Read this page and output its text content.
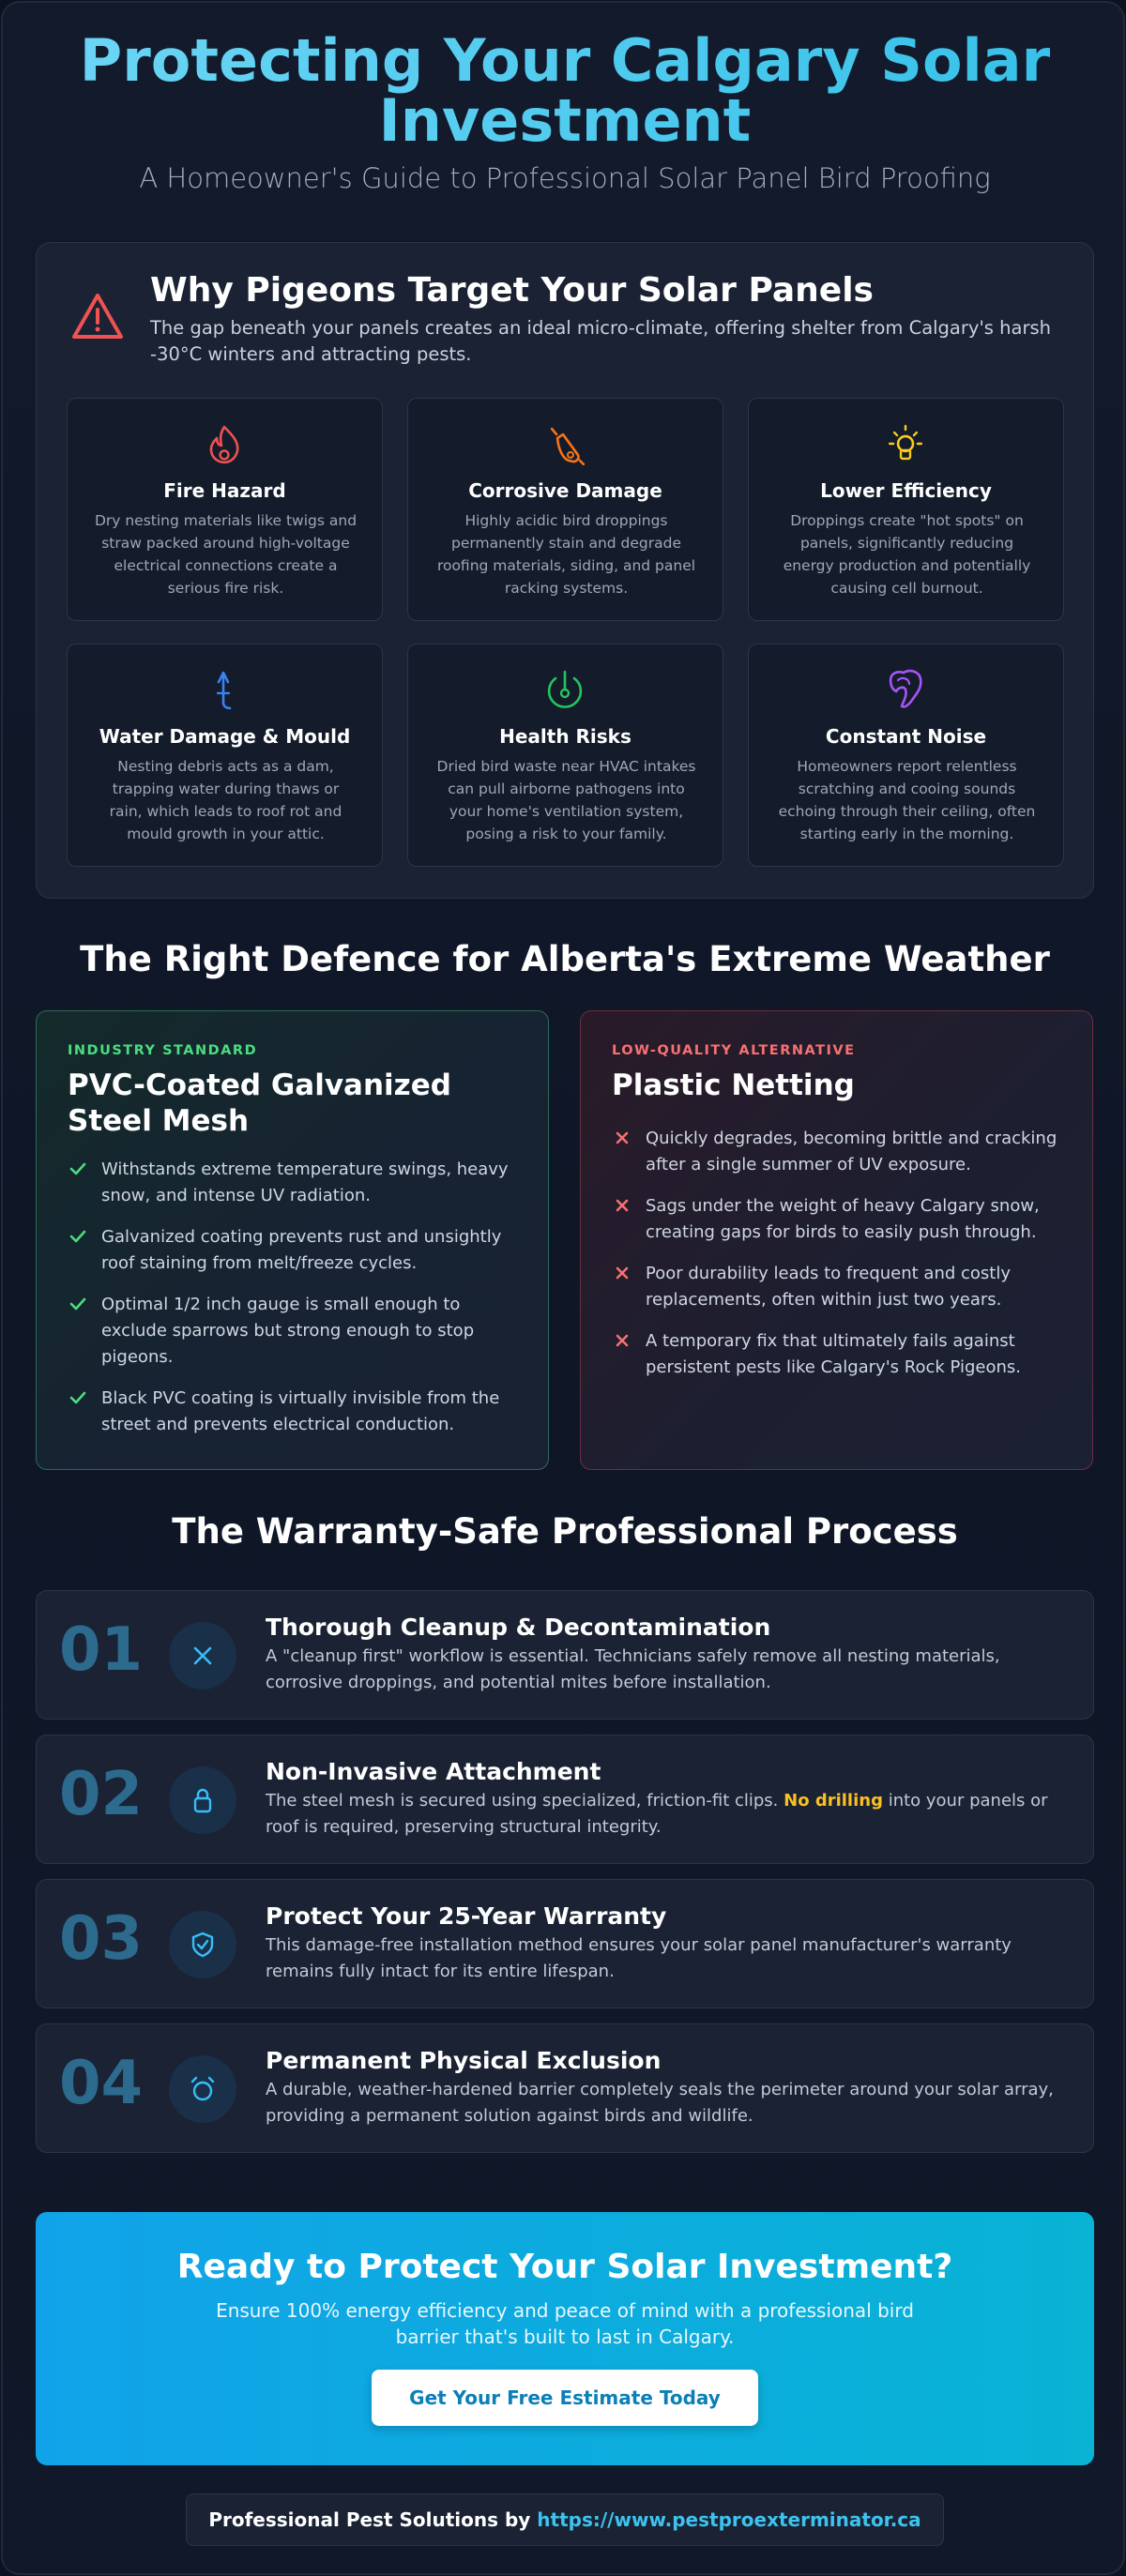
Protecting Your Calgary Solar Investment
A Homeowner's Guide to Professional Solar Panel Bird Proofing
Why Pigeons Target Your Solar Panels
The gap beneath your panels creates an ideal micro-climate, offering shelter from Calgary's harsh -30°C winters and attracting pests.
Fire Hazard
Dry nesting materials like twigs and straw packed around high-voltage electrical connections create a serious fire risk.
Corrosive Damage
Highly acidic bird droppings permanently stain and degrade roofing materials, siding, and panel racking systems.
Lower Efficiency
Droppings create "hot spots" on panels, significantly reducing energy production and potentially causing cell burnout.
Water Damage & Mould
Nesting debris acts as a dam, trapping water during thaws or rain, which leads to roof rot and mould growth in your attic.
Health Risks
Dried bird waste near HVAC intakes can pull airborne pathogens into your home's ventilation system, posing a risk to your family.
Constant Noise
Homeowners report relentless scratching and cooing sounds echoing through their ceiling, often starting early in the morning.
The Right Defence for Alberta's Extreme Weather
INDUSTRY STANDARD
PVC-Coated Galvanized Steel Mesh
Withstands extreme temperature swings, heavy snow, and intense UV radiation.
Galvanized coating prevents rust and unsightly roof staining from melt/freeze cycles.
Optimal 1/2 inch gauge is small enough to exclude sparrows but strong enough to stop pigeons.
Black PVC coating is virtually invisible from the street and prevents electrical conduction.
LOW-QUALITY ALTERNATIVE
Plastic Netting
Quickly degrades, becoming brittle and cracking after a single summer of UV exposure.
Sags under the weight of heavy Calgary snow, creating gaps for birds to easily push through.
Poor durability leads to frequent and costly replacements, often within just two years.
A temporary fix that ultimately fails against persistent pests like Calgary's Rock Pigeons.
The Warranty-Safe Professional Process
01	Thorough Cleanup & Decontamination
A "cleanup first" workflow is essential. Technicians safely remove all nesting materials, corrosive droppings, and potential mites before installation.
02	Non-Invasive Attachment
The steel mesh is secured using specialized, friction-fit clips. No drilling into your panels or roof is required, preserving structural integrity.
03	Protect Your 25-Year Warranty
This damage-free installation method ensures your solar panel manufacturer's warranty remains fully intact for its entire lifespan.
04	Permanent Physical Exclusion
A durable, weather-hardened barrier completely seals the perimeter around your solar array, providing a permanent solution against birds and wildlife.
Ready to Protect Your Solar Investment?
Ensure 100% energy efficiency and peace of mind with a professional bird barrier that's built to last in Calgary.
Get Your Free Estimate Today
Professional Pest Solutions by https://www.pestproexterminator.ca
